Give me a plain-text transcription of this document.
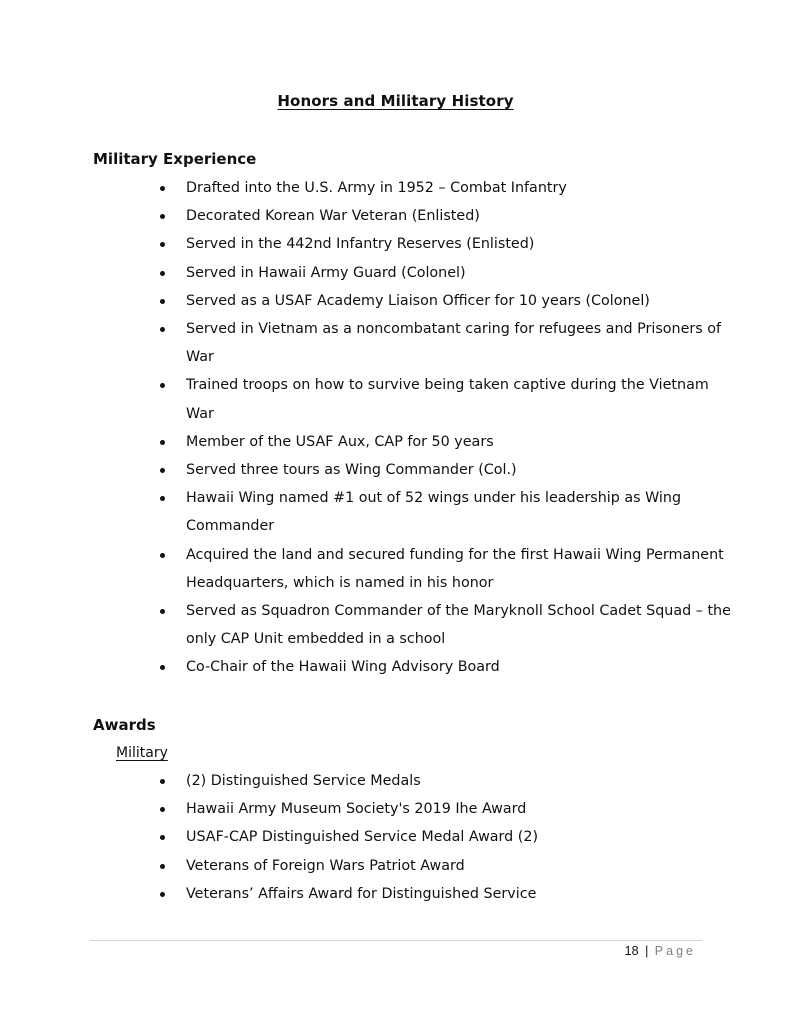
Honors and Military History
Military Experience
Drafted into the U.S. Army in 1952 – Combat Infantry
Decorated Korean War Veteran (Enlisted)
Served in the 442nd Infantry Reserves (Enlisted)
Served in Hawaii Army Guard (Colonel)
Served as a USAF Academy Liaison Officer for 10 years (Colonel)
Served in Vietnam as a noncombatant caring for refugees and Prisoners of War
Trained troops on how to survive being taken captive during the Vietnam War
Member of the USAF Aux, CAP for 50 years
Served three tours as Wing Commander (Col.)
Hawaii Wing named #1 out of 52 wings under his leadership as Wing Commander
Acquired the land and secured funding for the first Hawaii Wing Permanent Headquarters, which is named in his honor
Served as Squadron Commander of the Maryknoll School Cadet Squad – the only CAP Unit embedded in a school
Co-Chair of the Hawaii Wing Advisory Board
Awards
Military
(2) Distinguished Service Medals
Hawaii Army Museum Society's 2019 Ihe Award
USAF-CAP Distinguished Service Medal Award (2)
Veterans of Foreign Wars Patriot Award
Veterans’ Affairs Award for Distinguished Service
18 | Page
